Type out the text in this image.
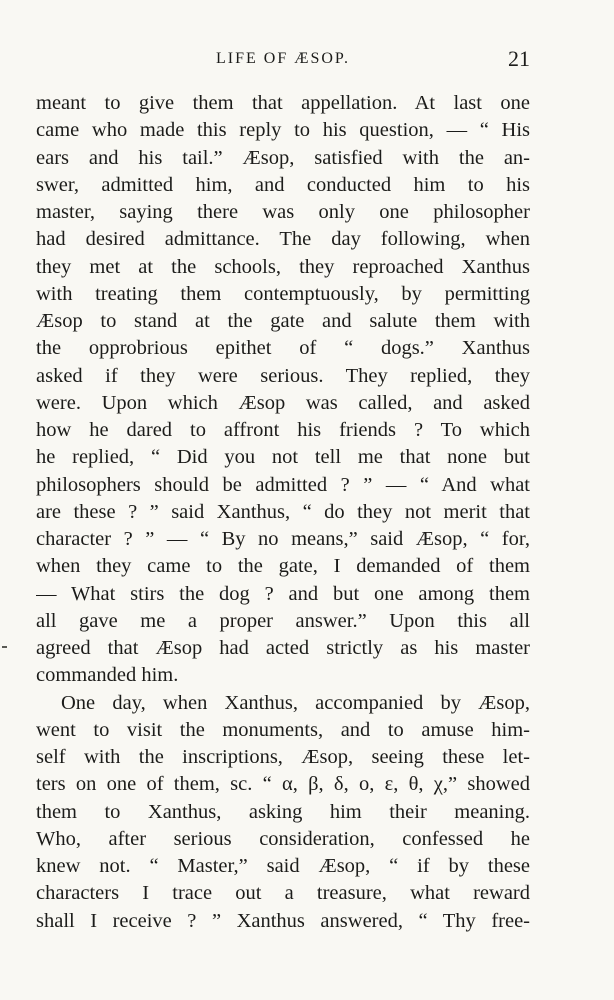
LIFE OF ÆSOP.	21
meant to give them that appellation. At last one
came who made this reply to his question, — “ His
ears and his tail.” Æsop, satisfied with the an-
swer, admitted him, and conducted him to his
master, saying there was only one philosopher
had desired admittance. The day following, when
they met at the schools, they reproached Xanthus
with treating them contemptuously, by permitting
Æsop to stand at the gate and salute them with
the opprobrious epithet of “ dogs.” Xanthus
asked if they were serious. They replied, they
were. Upon which Æsop was called, and asked
how he dared to affront his friends ? To which
he replied, “ Did you not tell me that none but
philosophers should be admitted ? ” — “ And what
are these ? ” said Xanthus, “ do they not merit that
character ? ” — “ By no means,” said Æsop, “ for,
when they came to the gate, I demanded of them
— What stirs the dog ? and but one among them
all gave me a proper answer.” Upon this all
agreed that Æsop had acted strictly as his master
commanded him.
One day, when Xanthus, accompanied by Æsop,
went to visit the monuments, and to amuse him-
self with the inscriptions, Æsop, seeing these let-
ters on one of them, sc. “ α, β, δ, ο, ε, θ, χ,” showed
them to Xanthus, asking him their meaning.
Who, after serious consideration, confessed he
knew not. “ Master,” said Æsop, “ if by these
characters I trace out a treasure, what reward
shall I receive ? ” Xanthus answered, “ Thy free-
